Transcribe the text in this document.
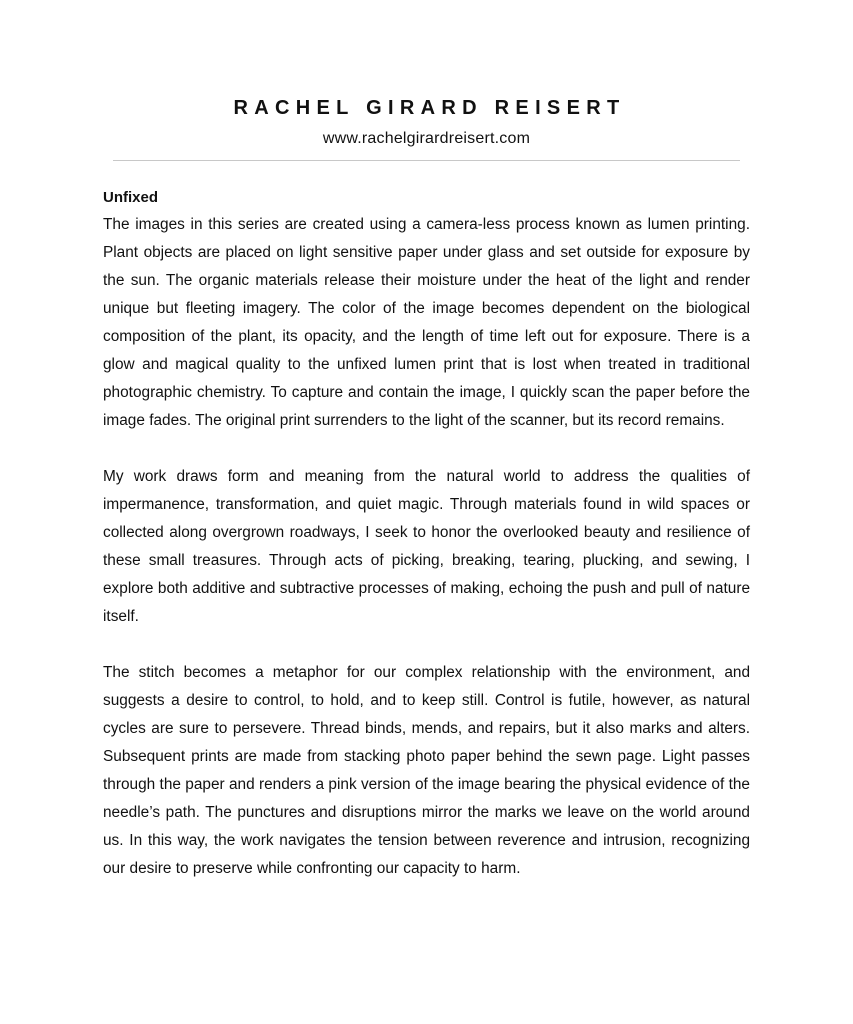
RACHEL GIRARD REISERT
www.rachelgirardreisert.com
Unfixed

The images in this series are created using a camera-less process known as lumen printing. Plant objects are placed on light sensitive paper under glass and set outside for exposure by the sun. The organic materials release their moisture under the heat of the light and render unique but fleeting imagery. The color of the image becomes dependent on the biological composition of the plant, its opacity, and the length of time left out for exposure. There is a glow and magical quality to the unfixed lumen print that is lost when treated in traditional photographic chemistry. To capture and contain the image, I quickly scan the paper before the image fades. The original print surrenders to the light of the scanner, but its record remains.

My work draws form and meaning from the natural world to address the qualities of impermanence, transformation, and quiet magic. Through materials found in wild spaces or collected along overgrown roadways, I seek to honor the overlooked beauty and resilience of these small treasures. Through acts of picking, breaking, tearing, plucking, and sewing, I explore both additive and subtractive processes of making, echoing the push and pull of nature itself.

The stitch becomes a metaphor for our complex relationship with the environment, and suggests a desire to control, to hold, and to keep still. Control is futile, however, as natural cycles are sure to persevere. Thread binds, mends, and repairs, but it also marks and alters. Subsequent prints are made from stacking photo paper behind the sewn page. Light passes through the paper and renders a pink version of the image bearing the physical evidence of the needle’s path. The punctures and disruptions mirror the marks we leave on the world around us. In this way, the work navigates the tension between reverence and intrusion, recognizing our desire to preserve while confronting our capacity to harm.
